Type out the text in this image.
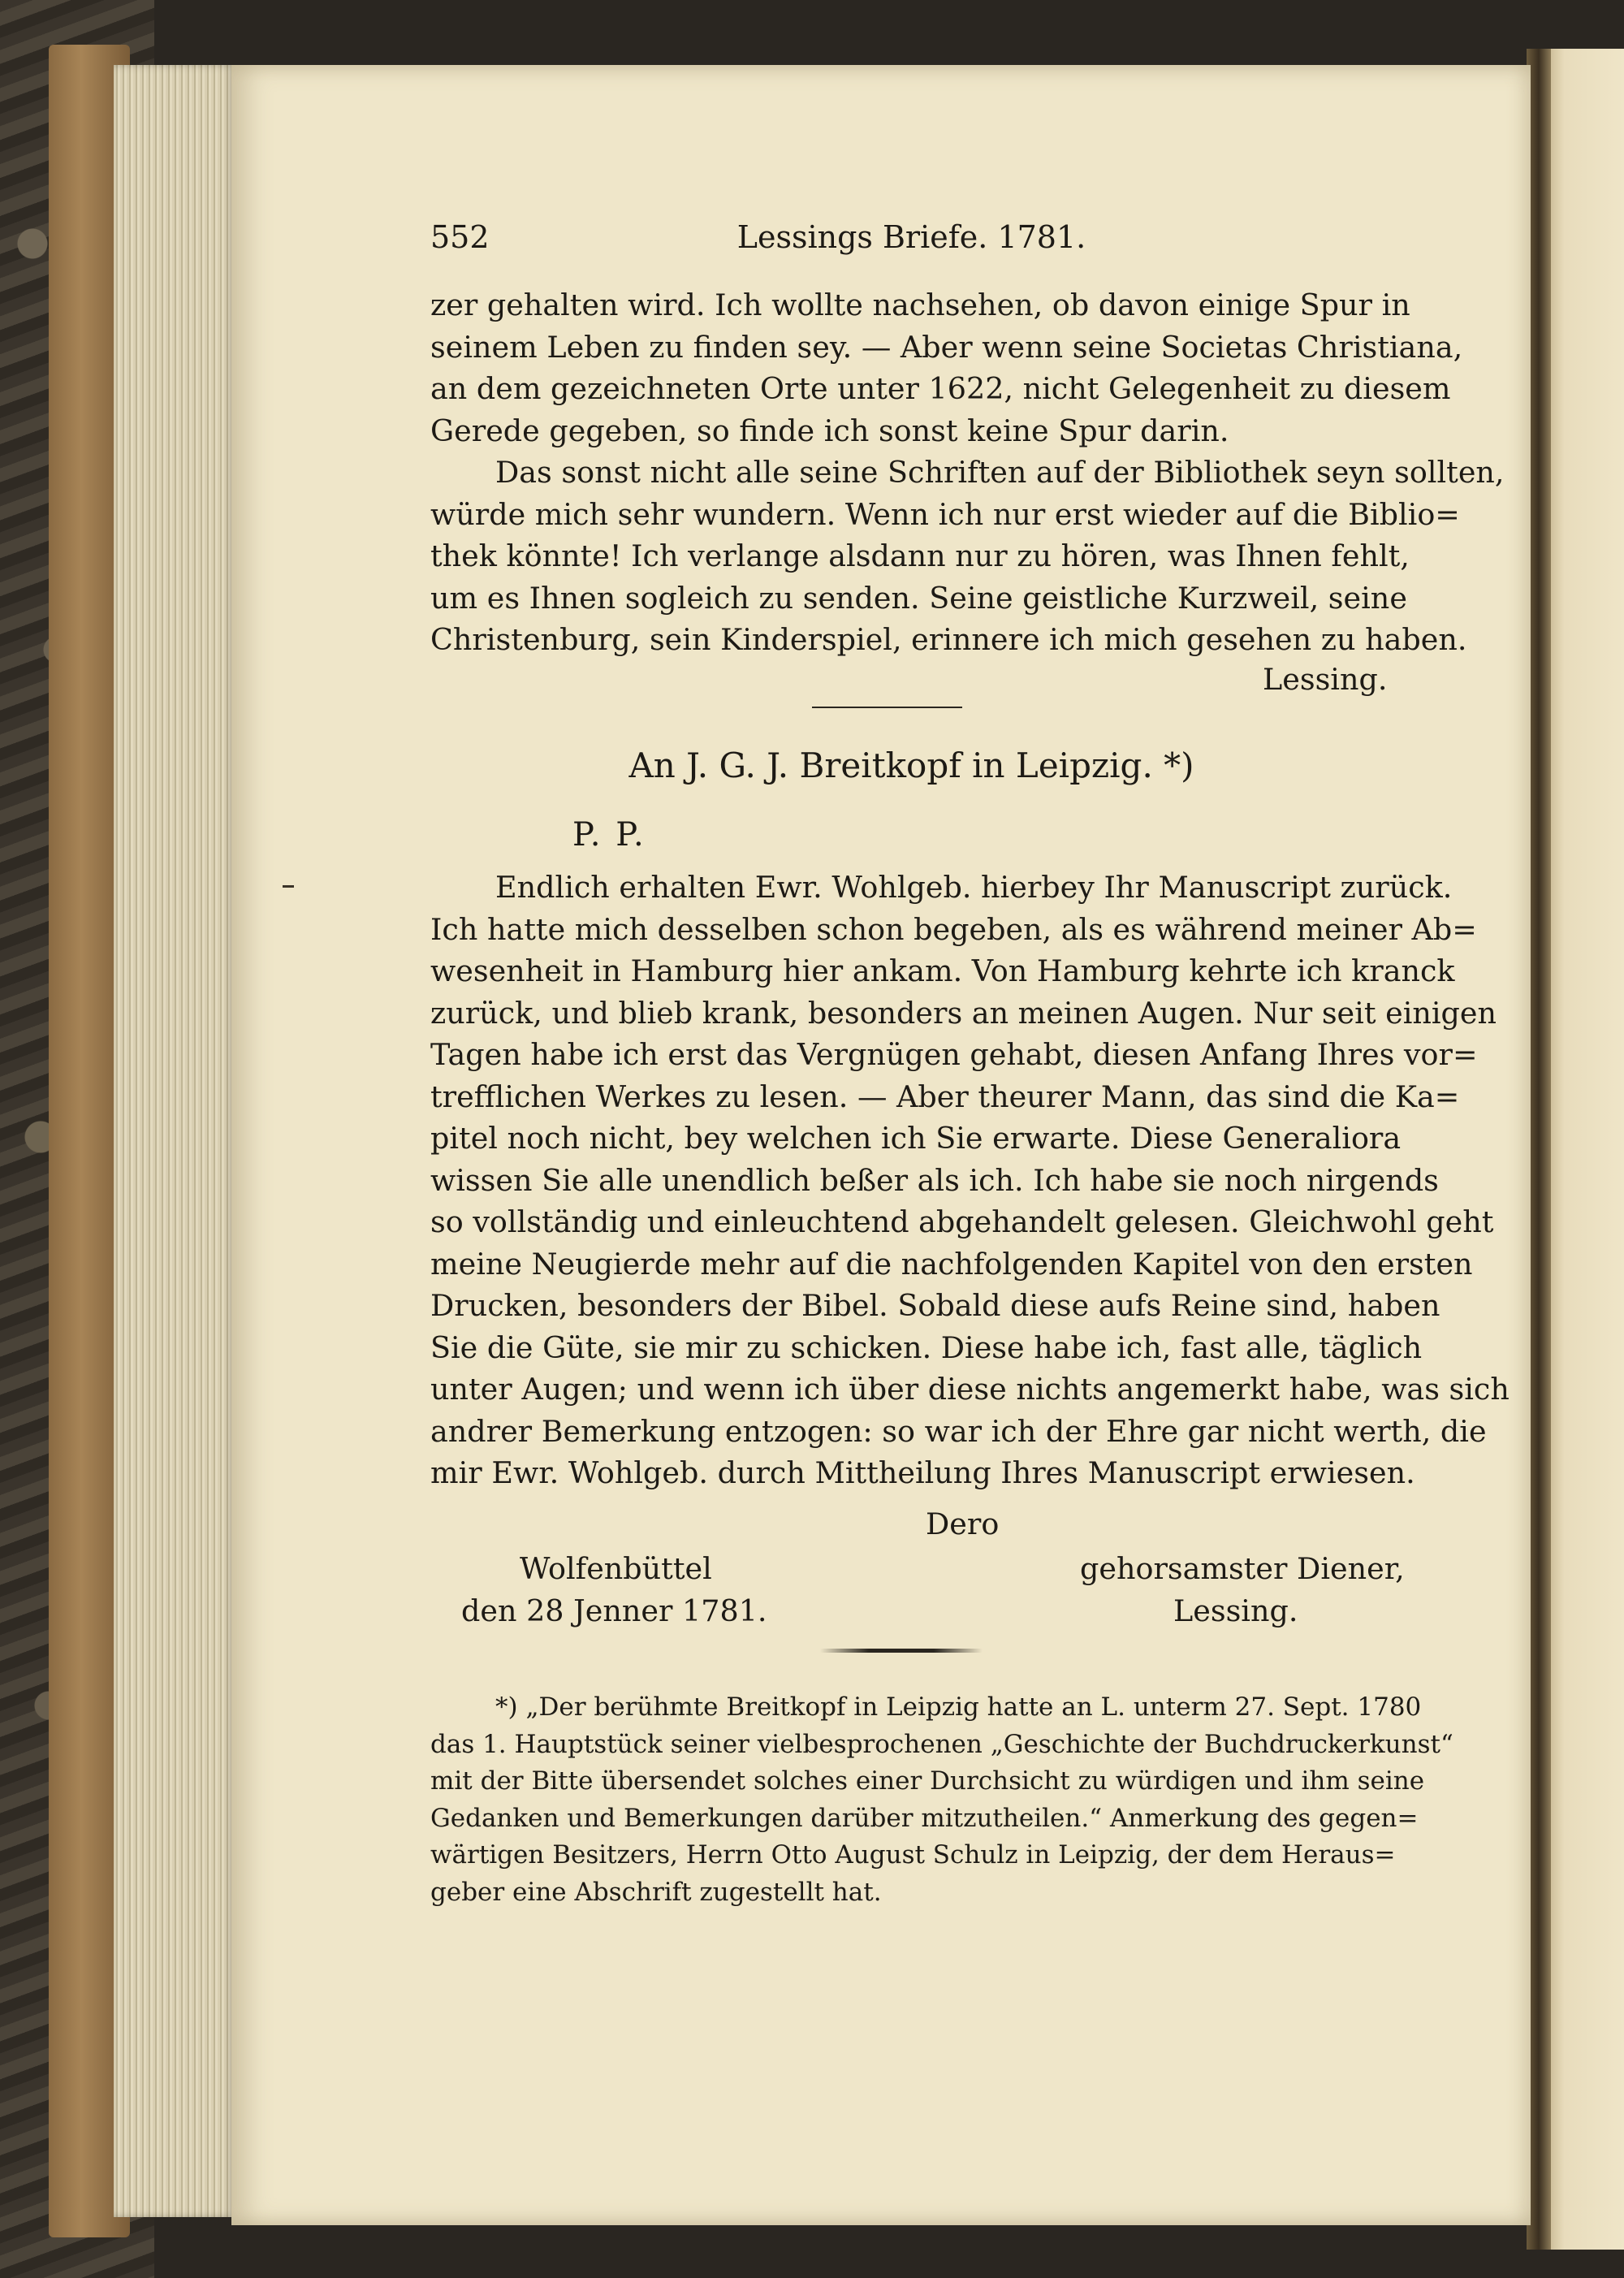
552	Lessings Briefe. 1781.
zer gehalten wird. Ich wollte nachsehen, ob davon einige Spur in
seinem Leben zu finden sey. — Aber wenn seine Societas Christiana,
an dem gezeichneten Orte unter 1622, nicht Gelegenheit zu diesem
Gerede gegeben, so finde ich sonst keine Spur darin.
Das sonst nicht alle seine Schriften auf der Bibliothek seyn sollten,
würde mich sehr wundern. Wenn ich nur erst wieder auf die Biblio=
thek könnte! Ich verlange alsdann nur zu hören, was Ihnen fehlt,
um es Ihnen sogleich zu senden. Seine geistliche Kurzweil, seine
Christenburg, sein Kinderspiel, erinnere ich mich gesehen zu haben.
Lessing.
An J. G. J. Breitkopf in Leipzig. *)
P. P.
Endlich erhalten Ewr. Wohlgeb. hierbey Ihr Manuscript zurück.
Ich hatte mich desselben schon begeben, als es während meiner Ab=
wesenheit in Hamburg hier ankam. Von Hamburg kehrte ich kranck
zurück, und blieb krank, besonders an meinen Augen. Nur seit einigen
Tagen habe ich erst das Vergnügen gehabt, diesen Anfang Ihres vor=
trefflichen Werkes zu lesen. — Aber theurer Mann, das sind die Ka=
pitel noch nicht, bey welchen ich Sie erwarte. Diese Generaliora
wissen Sie alle unendlich beßer als ich. Ich habe sie noch nirgends
so vollständig und einleuchtend abgehandelt gelesen. Gleichwohl geht
meine Neugierde mehr auf die nachfolgenden Kapitel von den ersten
Drucken, besonders der Bibel. Sobald diese aufs Reine sind, haben
Sie die Güte, sie mir zu schicken. Diese habe ich, fast alle, täglich
unter Augen; und wenn ich über diese nichts angemerkt habe, was sich
andrer Bemerkung entzogen: so war ich der Ehre gar nicht werth, die
mir Ewr. Wohlgeb. durch Mittheilung Ihres Manuscript erwiesen.
Dero
Wolfenbüttel
den 28 Jenner 1781.
gehorsamster Diener,
Lessing.
*) „Der berühmte Breitkopf in Leipzig hatte an L. unterm 27. Sept. 1780
das 1. Hauptstück seiner vielbesprochenen „Geschichte der Buchdruckerkunst“
mit der Bitte übersendet solches einer Durchsicht zu würdigen und ihm seine
Gedanken und Bemerkungen darüber mitzutheilen.“ Anmerkung des gegen=
wärtigen Besitzers, Herrn Otto August Schulz in Leipzig, der dem Heraus=
geber eine Abschrift zugestellt hat.
